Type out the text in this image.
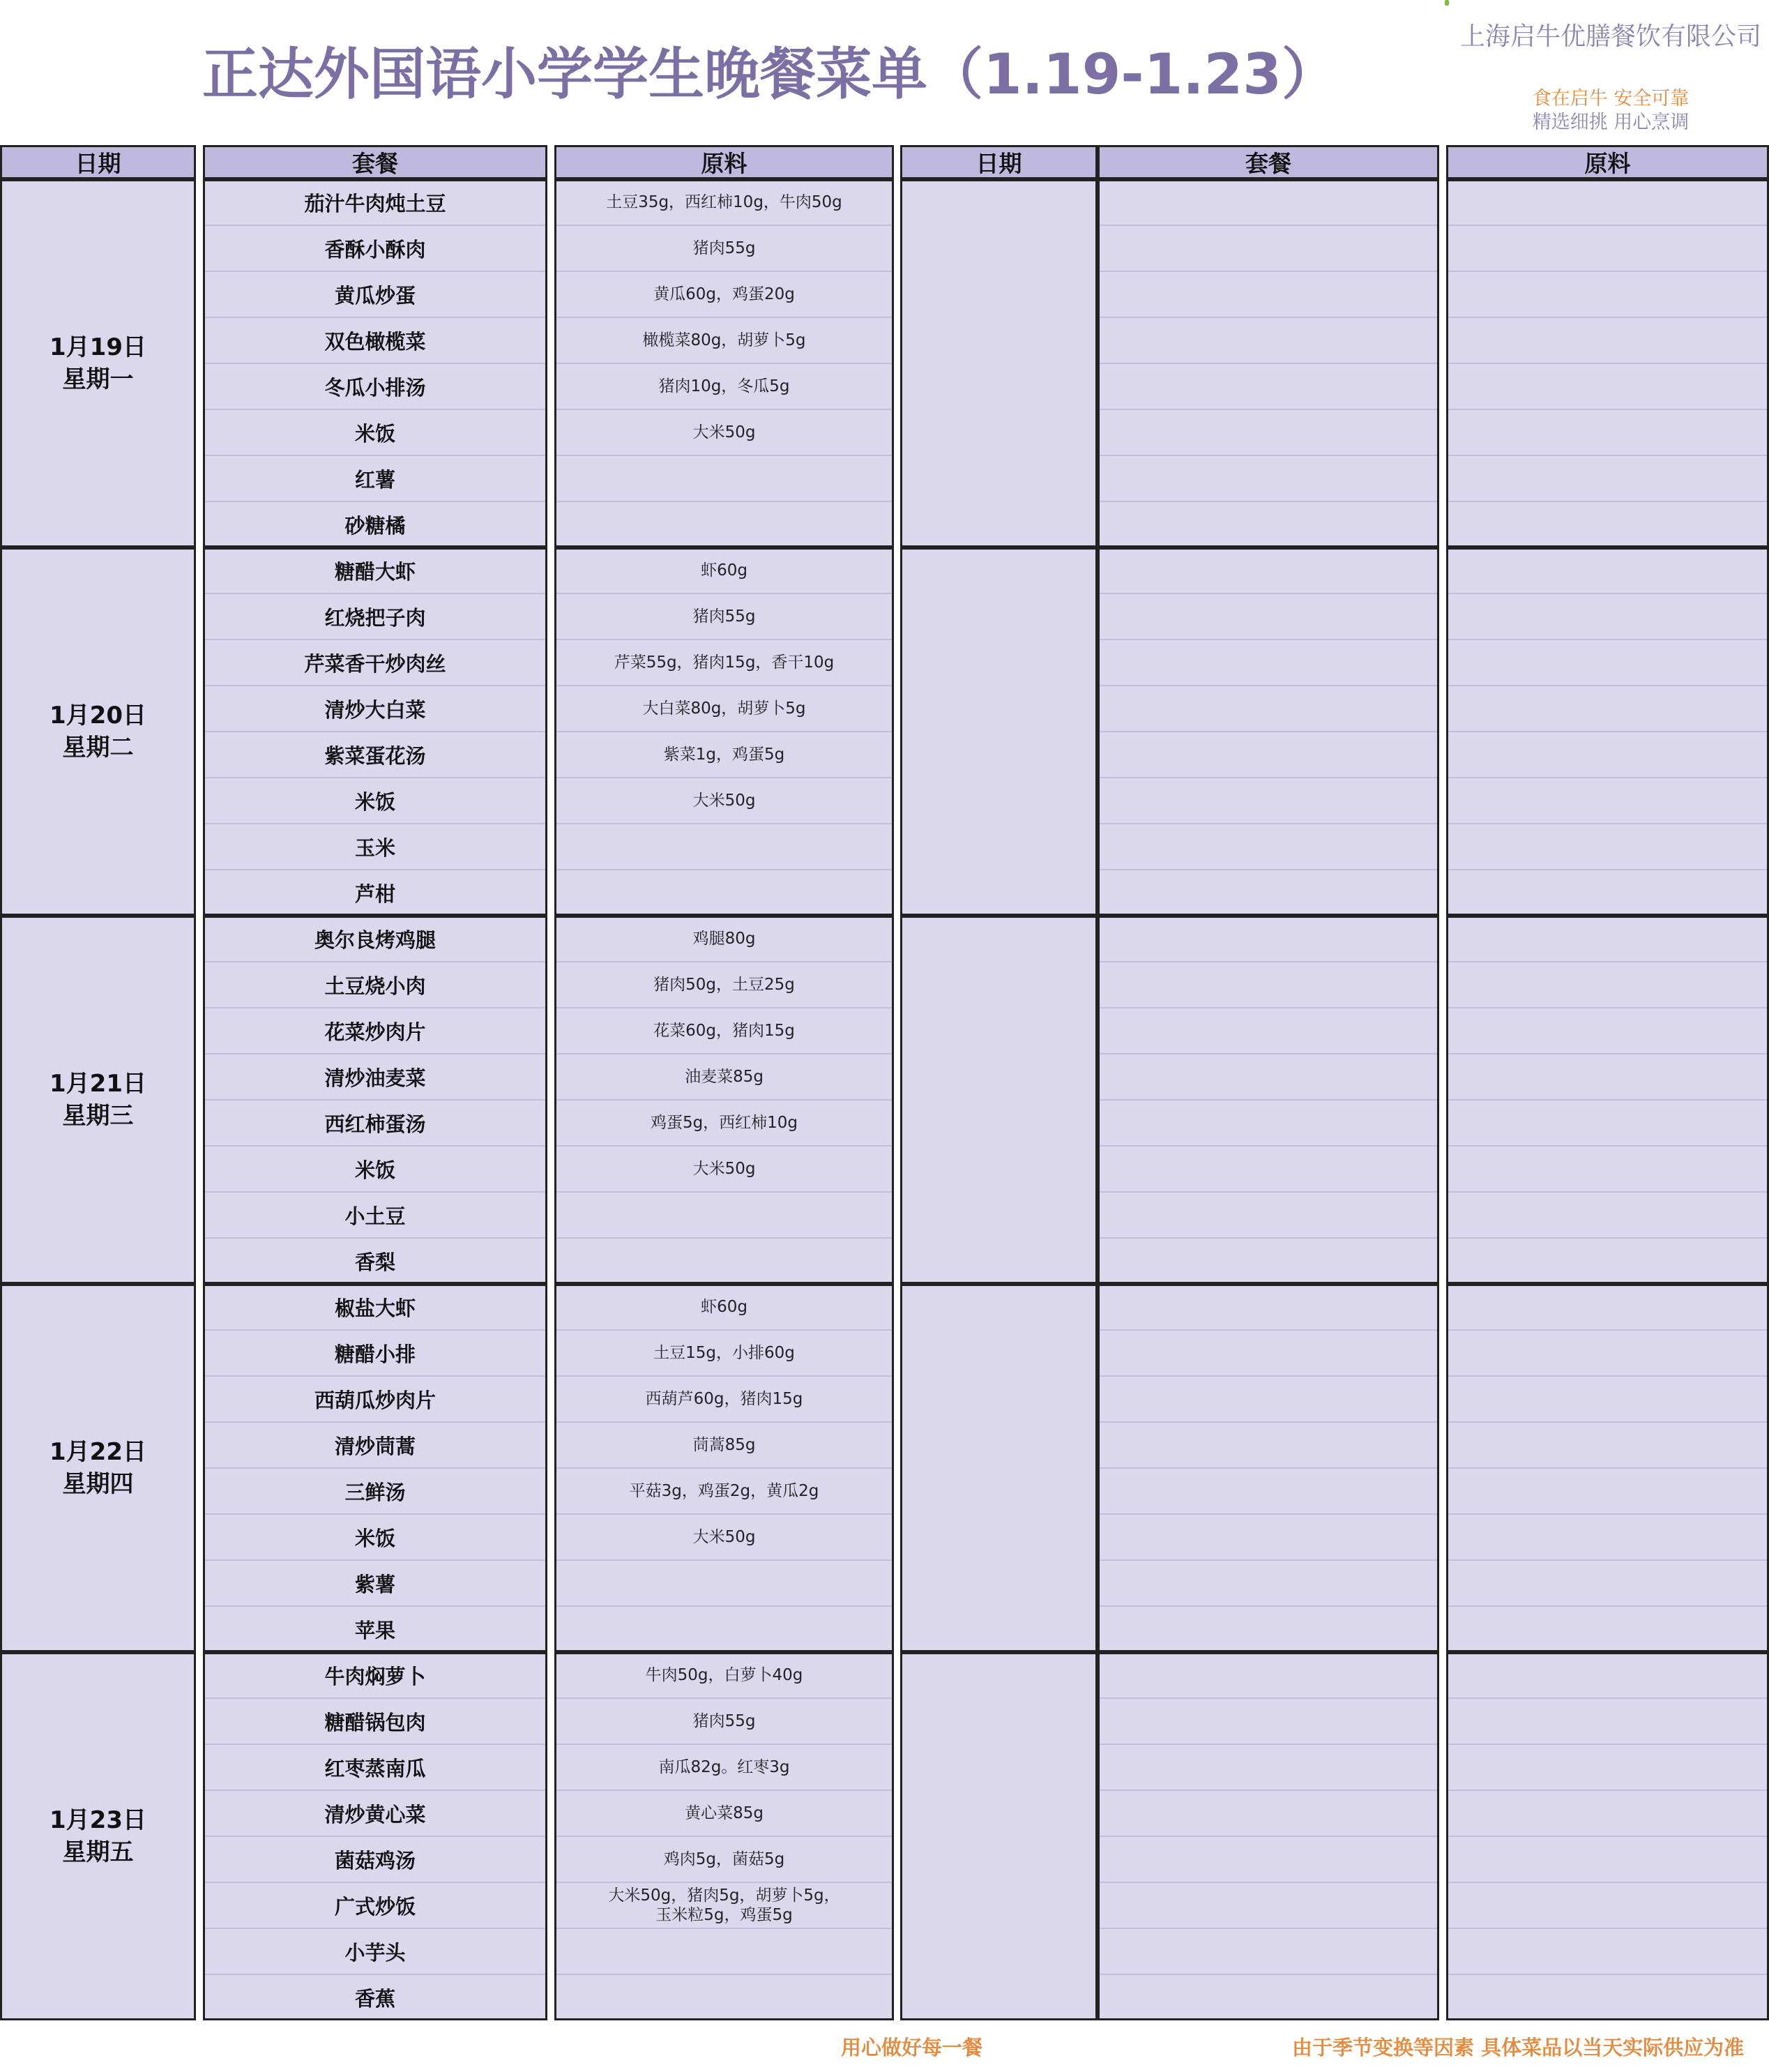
正达外国语小学学生晚餐菜单（1.19-1.23）
上海启牛优膳餐饮有限公司
食在启牛 安全可靠
精选细挑 用心烹调
日期	套餐	原料	日期	套餐	原料
1月19日
星期一
茄汁牛肉炖土豆	土豆35g，西红柿10g，牛肉50g
香酥小酥肉	猪肉55g
黄瓜炒蛋	黄瓜60g，鸡蛋20g
双色橄榄菜	橄榄菜80g，胡萝卜5g
冬瓜小排汤	猪肉10g，冬瓜5g
米饭	大米50g
红薯
砂糖橘
1月20日
星期二
糖醋大虾	虾60g
红烧把子肉	猪肉55g
芹菜香干炒肉丝	芹菜55g，猪肉15g，香干10g
清炒大白菜	大白菜80g，胡萝卜5g
紫菜蛋花汤	紫菜1g，鸡蛋5g
米饭	大米50g
玉米
芦柑
1月21日
星期三
奥尔良烤鸡腿	鸡腿80g
土豆烧小肉	猪肉50g，土豆25g
花菜炒肉片	花菜60g，猪肉15g
清炒油麦菜	油麦菜85g
西红柿蛋汤	鸡蛋5g，西红柿10g
米饭	大米50g
小土豆
香梨
1月22日
星期四
椒盐大虾	虾60g
糖醋小排	土豆15g，小排60g
西葫瓜炒肉片	西葫芦60g，猪肉15g
清炒茼蒿	茼蒿85g
三鲜汤	平菇3g，鸡蛋2g，黄瓜2g
米饭	大米50g
紫薯
苹果
1月23日
星期五
牛肉焖萝卜	牛肉50g，白萝卜40g
糖醋锅包肉	猪肉55g
红枣蒸南瓜	南瓜82g。红枣3g
清炒黄心菜	黄心菜85g
菌菇鸡汤	鸡肉5g，菌菇5g
广式炒饭	大米50g，猪肉5g，胡萝卜5g，
玉米粒5g，鸡蛋5g
小芋头
香蕉
用心做好每一餐	由于季节变换等因素 具体菜品以当天实际供应为准
